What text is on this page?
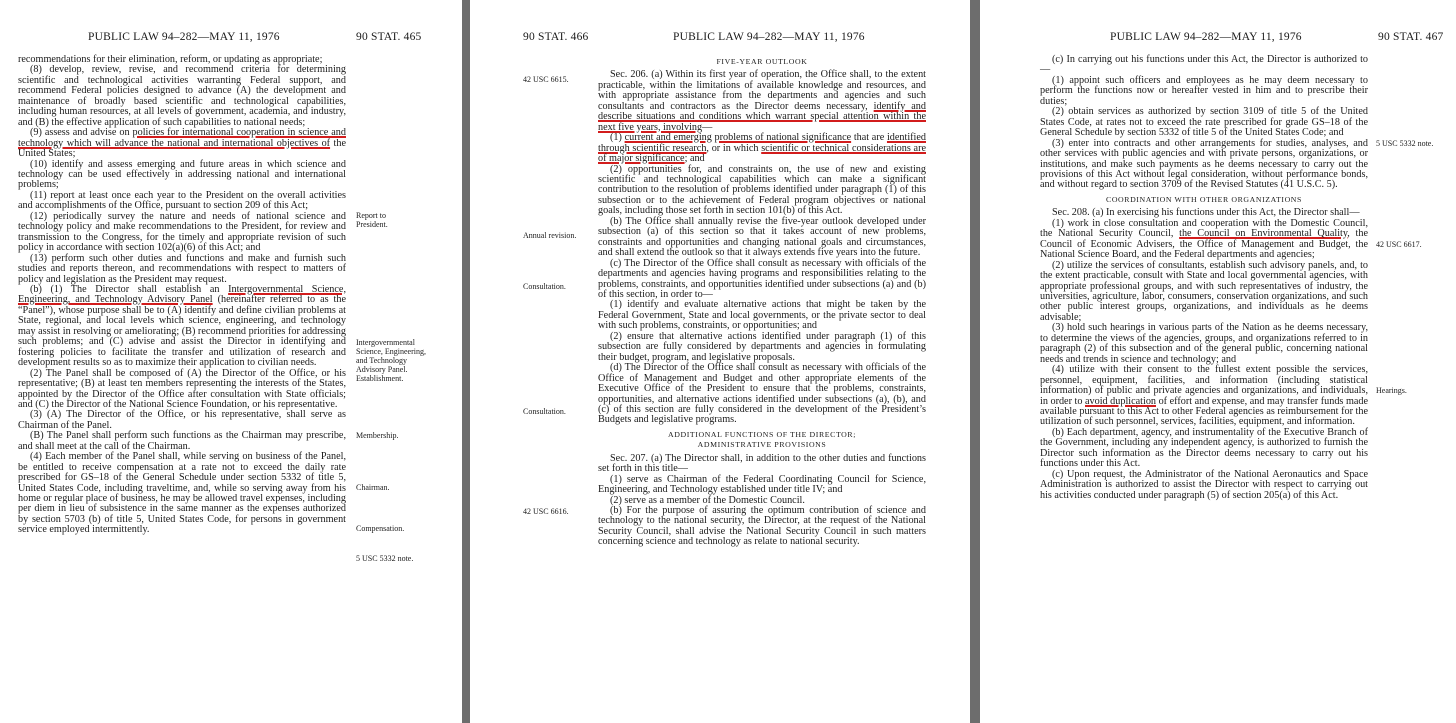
PUBLIC LAW 94–282—MAY 11, 1976	90 STAT. 465

recommendations for their elimination, reform, or updating as appropriate;

(8) develop, review, revise, and recommend criteria for determining scientific and technological activities warranting Federal support, and recommend Federal policies designed to advance (A) the development and maintenance of broadly based scientific and technological capabilities, including human resources, at all levels of government, academia, and industry, and (B) the effective application of such capabilities to national needs;

(9) assess and advise on policies for international cooperation in science and technology which will advance the national and international objectives of the United States;

(10) identify and assess emerging and future areas in which science and technology can be used effectively in addressing national and international problems;

(11) report at least once each year to the President on the overall activities and accomplishments of the Office, pursuant to section 209 of this Act;

(12) periodically survey the nature and needs of national science and technology policy and make recommendations to the President, for review and transmission to the Congress, for the timely and appropriate revision of such policy in accordance with section 102(a)(6) of this Act; and

(13) perform such other duties and functions and make and furnish such studies and reports thereon, and recommendations with respect to matters of policy and legislation as the President may request.

(b) (1) The Director shall establish an Intergovernmental Science, Engineering, and Technology Advisory Panel (hereinafter referred to as the “Panel”), whose purpose shall be to (A) identify and define civilian problems at State, regional, and local levels which science, engineering, and technology may assist in resolving or ameliorating; (B) recommend priorities for addressing such problems; and (C) advise and assist the Director in identifying and fostering policies to facilitate the transfer and utilization of research and development results so as to maximize their application to civilian needs.

(2) The Panel shall be composed of (A) the Director of the Office, or his representative; (B) at least ten members representing the interests of the States, appointed by the Director of the Office after consultation with State officials; and (C) the Director of the National Science Foundation, or his representative.

(3) (A) The Director of the Office, or his representative, shall serve as Chairman of the Panel.

(B) The Panel shall perform such functions as the Chairman may prescribe, and shall meet at the call of the Chairman.

(4) Each member of the Panel shall, while serving on business of the Panel, be entitled to receive compensation at a rate not to exceed the daily rate prescribed for GS–18 of the General Schedule under section 5332 of title 5, United States Code, including traveltime, and, while so serving away from his home or regular place of business, he may be allowed travel expenses, including per diem in lieu of subsistence in the same manner as the expenses authorized by section 5703 (b) of title 5, United States Code, for persons in government service employed intermittently.

Report to President.
Intergovernmental Science, Engineering, and Technology Advisory Panel. Establishment.
Membership.
Chairman.
Compensation.
5 USC 5332 note.
90 STAT. 466	PUBLIC LAW 94–282—MAY 11, 1976
42 USC 6615.
Annual revision.
Consultation.
Consultation.
42 USC 6616.

FIVE-YEAR OUTLOOK

Sec. 206. (a) Within its first year of operation, the Office shall, to the extent practicable, within the limitations of available knowledge and resources, and with appropriate assistance from the departments and agencies and such consultants and contractors as the Director deems necessary, identify and describe situations and conditions which warrant special attention within the next five years, involving—

(1) current and emerging problems of national significance that are identified through scientific research, or in which scientific or technical considerations are of major significance; and

(2) opportunities for, and constraints on, the use of new and existing scientific and technological capabilities which can make a significant contribution to the resolution of problems identified under paragraph (1) of this subsection or to the achievement of Federal program objectives or national goals, including those set forth in section 101(b) of this Act.

(b) The Office shall annually revise the five-year outlook developed under subsection (a) of this section so that it takes account of new problems, constraints and opportunities and changing national goals and circumstances, and shall extend the outlook so that it always extends five years into the future.

(c) The Director of the Office shall consult as necessary with officials of the departments and agencies having programs and responsibilities relating to the problems, constraints, and opportunities identified under subsections (a) and (b) of this section, in order to—

(1) identify and evaluate alternative actions that might be taken by the Federal Government, State and local governments, or the private sector to deal with such problems, constraints, or opportunities; and

(2) ensure that alternative actions identified under paragraph (1) of this subsection are fully considered by departments and agencies in formulating their budget, program, and legislative proposals.

(d) The Director of the Office shall consult as necessary with officials of the Office of Management and Budget and other appropriate elements of the Executive Office of the President to ensure that the problems, constraints, opportunities, and alternative actions identified under subsections (a), (b), and (c) of this section are fully considered in the development of the President’s Budgets and legislative programs.

ADDITIONAL FUNCTIONS OF THE DIRECTOR;

ADMINISTRATIVE PROVISIONS

Sec. 207. (a) The Director shall, in addition to the other duties and functions set forth in this title—

(1) serve as Chairman of the Federal Coordinating Council for Science, Engineering, and Technology established under title IV; and

(2) serve as a member of the Domestic Council.

(b) For the purpose of assuring the optimum contribution of science and technology to the national security, the Director, at the request of the National Security Council, shall advise the National Security Council in such matters concerning science and technology as relate to national security.

PUBLIC LAW 94–282—MAY 11, 1976	90 STAT. 467

(c) In carrying out his functions under this Act, the Director is authorized to—

(1) appoint such officers and employees as he may deem necessary to perform the functions now or hereafter vested in him and to prescribe their duties;

(2) obtain services as authorized by section 3109 of title 5 of the United States Code, at rates not to exceed the rate prescribed for grade GS–18 of the General Schedule by section 5332 of title 5 of the United States Code; and

(3) enter into contracts and other arrangements for studies, analyses, and other services with public agencies and with private persons, organizations, or institutions, and make such payments as he deems necessary to carry out the provisions of this Act without legal consideration, without performance bonds, and without regard to section 3709 of the Revised Statutes (41 U.S.C. 5).

COORDINATION WITH OTHER ORGANIZATIONS

Sec. 208. (a) In exercising his functions under this Act, the Director shall—

(1) work in close consultation and cooperation with the Domestic Council, the National Security Council, the Council on Environmental Quality, the Council of Economic Advisers, the Office of Management and Budget, the National Science Board, and the Federal departments and agencies;

(2) utilize the services of consultants, establish such advisory panels, and, to the extent practicable, consult with State and local governmental agencies, with appropriate professional groups, and with such representatives of industry, the universities, agriculture, labor, consumers, conservation organizations, and such other public interest groups, organizations, and individuals as he deems advisable;

(3) hold such hearings in various parts of the Nation as he deems necessary, to determine the views of the agencies, groups, and organizations referred to in paragraph (2) of this subsection and of the general public, concerning national needs and trends in science and technology; and

(4) utilize with their consent to the fullest extent possible the services, personnel, equipment, facilities, and information (including statistical information) of public and private agencies and organizations, and individuals, in order to avoid duplication of effort and expense, and may transfer funds made available pursuant to this Act to other Federal agencies as reimbursement for the utilization of such personnel, services, facilities, equipment, and information.

(b) Each department, agency, and instrumentality of the Executive Branch of the Government, including any independent agency, is authorized to furnish the Director such information as the Director deems necessary to carry out his functions under this Act.

(c) Upon request, the Administrator of the National Aeronautics and Space Administration is authorized to assist the Director with respect to carrying out his activities conducted under paragraph (5) of section 205(a) of this Act.

5 USC 5332 note.
42 USC 6617.
Hearings.
